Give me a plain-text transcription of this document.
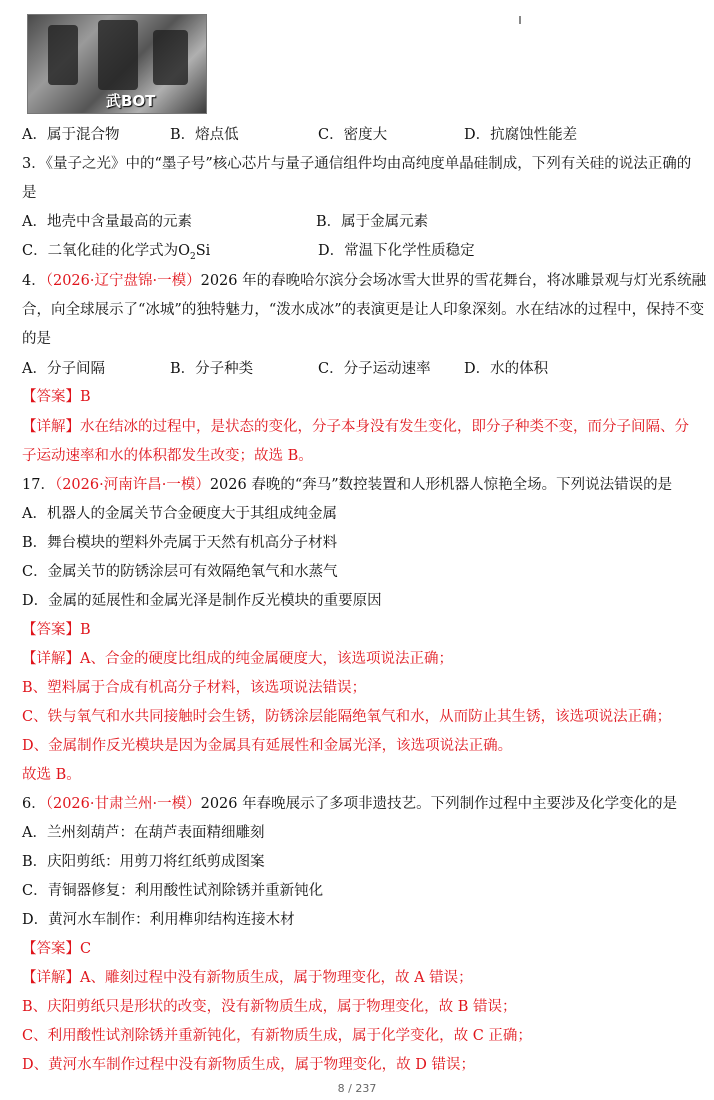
武BOT
A．属于混合物	B．熔点低	C．密度大	D．抗腐蚀性能差
3．《量子之光》中的“墨子号”核心芯片与量子通信组件均由高纯度单晶硅制成，下列有关硅的说法正确的
是
A．地壳中含量最高的元素	B．属于金属元素
C．二氧化硅的化学式为$O_2Si$	D．常温下化学性质稳定
4．（2026·辽宁盘锦·一模）2026 年的春晚哈尔滨分会场冰雪大世界的雪花舞台，将冰雕景观与灯光系统融
合，向全球展示了“冰城”的独特魅力，“泼水成冰”的表演更是让人印象深刻。水在结冰的过程中，保持不变
的是
A．分子间隔	B．分子种类	C．分子运动速率 D．水的体积
【答案】B
【详解】水在结冰的过程中，是状态的变化，分子本身没有发生变化，即分子种类不变，而分子间隔、分
子运动速率和水的体积都发生改变；故选 B。
17．（2026·河南许昌·一模）2026 春晚的“奔马”数控装置和人形机器人惊艳全场。下列说法错误的是
A．机器人的金属关节合金硬度大于其组成纯金属
B．舞台模块的塑料外壳属于天然有机高分子材料
C．金属关节的防锈涂层可有效隔绝氧气和水蒸气
D．金属的延展性和金属光泽是制作反光模块的重要原因
【答案】B
【详解】A、合金的硬度比组成的纯金属硬度大，该选项说法正确；
B、塑料属于合成有机高分子材料，该选项说法错误；
C、铁与氧气和水共同接触时会生锈，防锈涂层能隔绝氧气和水，从而防止其生锈，该选项说法正确；
D、金属制作反光模块是因为金属具有延展性和金属光泽，该选项说法正确。
故选 B。
6．（2026·甘肃兰州·一模）2026 年春晚展示了多项非遗技艺。下列制作过程中主要涉及化学变化的是
A．兰州刻葫芦：在葫芦表面精细雕刻
B．庆阳剪纸：用剪刀将红纸剪成图案
C．青铜器修复：利用酸性试剂除锈并重新钝化
D．黄河水车制作：利用榫卯结构连接木材
【答案】C
【详解】A、雕刻过程中没有新物质生成，属于物理变化，故 A 错误；
B、庆阳剪纸只是形状的改变，没有新物质生成，属于物理变化，故 B 错误；
C、利用酸性试剂除锈并重新钝化，有新物质生成，属于化学变化，故 C 正确；
D、黄河水车制作过程中没有新物质生成，属于物理变化，故 D 错误；
8 / 237
